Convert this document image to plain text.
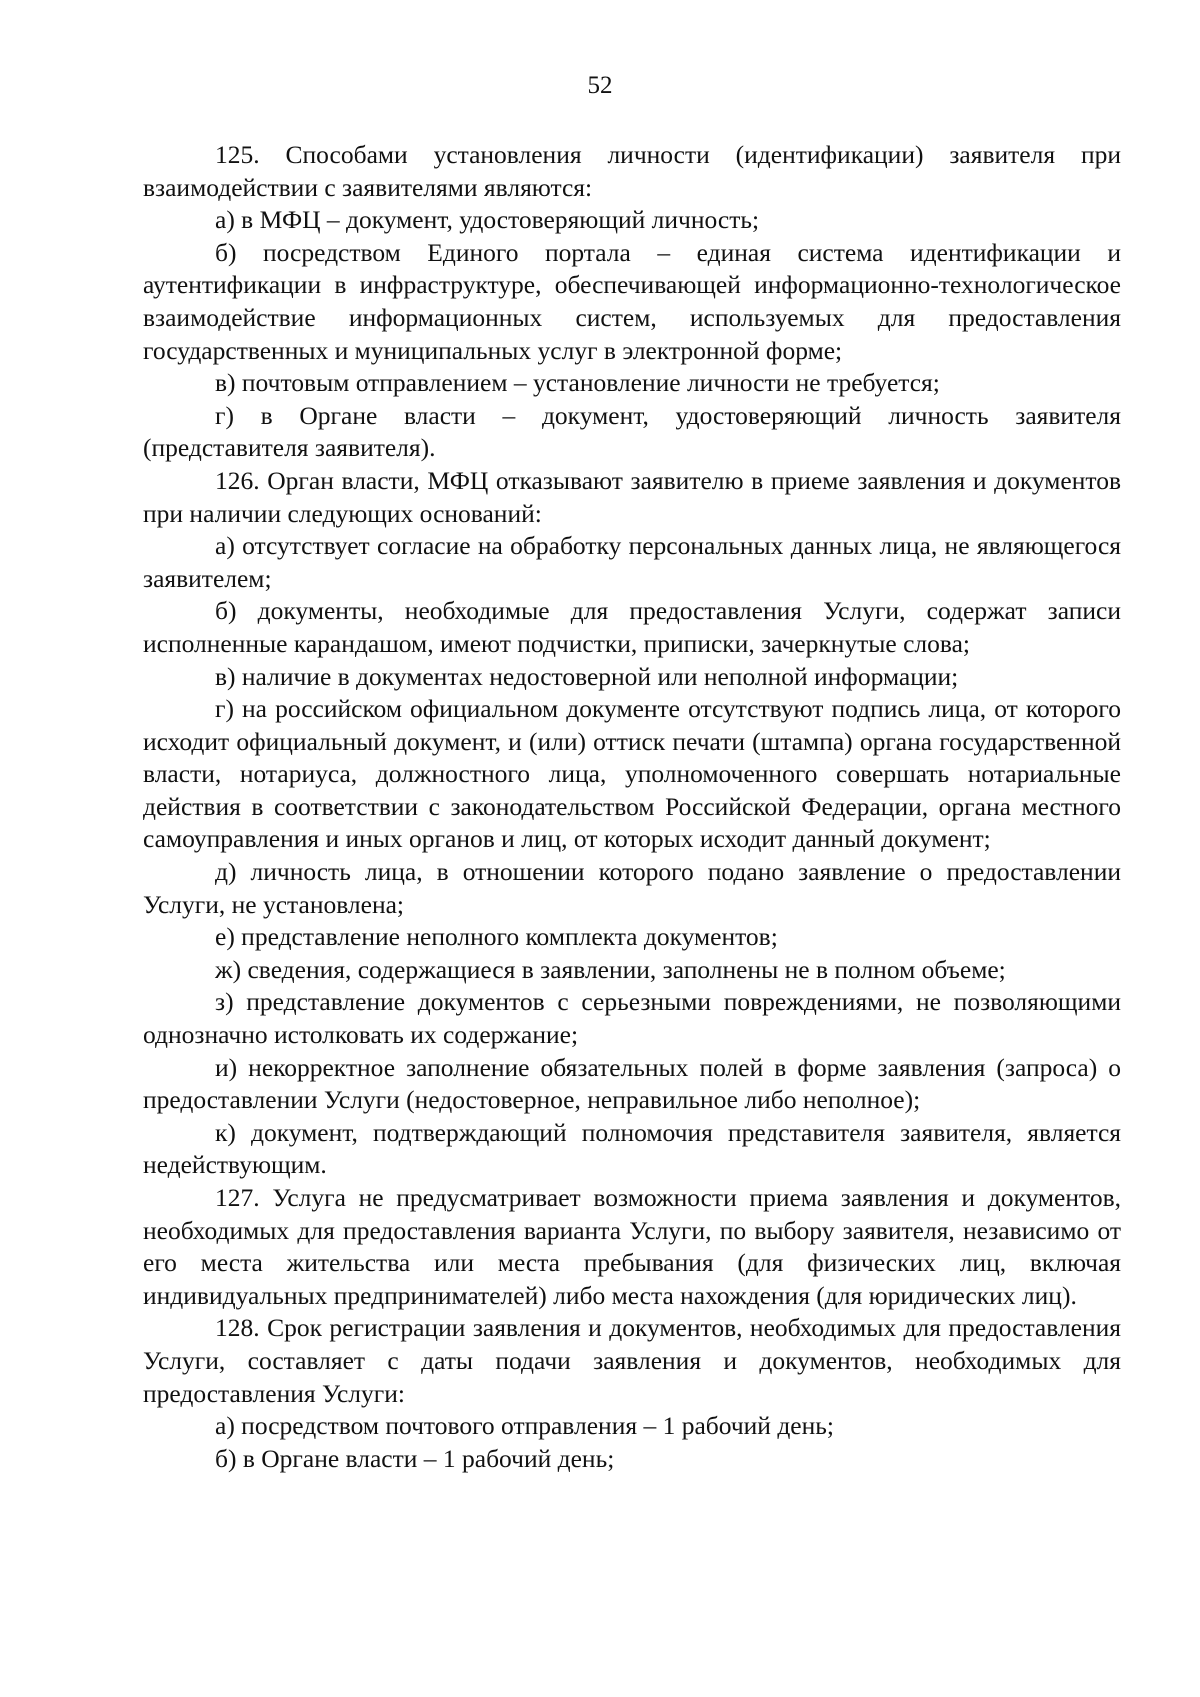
52

125. Способами установления личности (идентификации) заявителя при взаимодействии с заявителями являются:

а) в МФЦ – документ, удостоверяющий личность;

б) посредством Единого портала – единая система идентификации и аутентификации в инфраструктуре, обеспечивающей информационно-технологическое взаимодействие информационных систем, используемых для предоставления государственных и муниципальных услуг в электронной форме;

в) почтовым отправлением – установление личности не требуется;

г) в Органе власти – документ, удостоверяющий личность заявителя (представителя заявителя).

126. Орган власти, МФЦ отказывают заявителю в приеме заявления и документов при наличии следующих оснований:

а) отсутствует согласие на обработку персональных данных лица, не являющегося заявителем;

б) документы, необходимые для предоставления Услуги, содержат записи исполненные карандашом, имеют подчистки, приписки, зачеркнутые слова;

в) наличие в документах недостоверной или неполной информации;

г) на российском официальном документе отсутствуют подпись лица, от которого исходит официальный документ, и (или) оттиск печати (штампа) органа государственной власти, нотариуса, должностного лица, уполномоченного совершать нотариальные действия в соответствии с законодательством Российской Федерации, органа местного самоуправления и иных органов и лиц, от которых исходит данный документ;

д) личность лица, в отношении которого подано заявление о предоставлении Услуги, не установлена;

е) представление неполного комплекта документов;

ж) сведения, содержащиеся в заявлении, заполнены не в полном объеме;

з) представление документов с серьезными повреждениями, не позволяющими однозначно истолковать их содержание;

и) некорректное заполнение обязательных полей в форме заявления (запроса) о предоставлении Услуги (недостоверное, неправильное либо неполное);

к) документ, подтверждающий полномочия представителя заявителя, является недействующим.

127. Услуга не предусматривает возможности приема заявления и документов, необходимых для предоставления варианта Услуги, по выбору заявителя, независимо от его места жительства или места пребывания (для физических лиц, включая индивидуальных предпринимателей) либо места нахождения (для юридических лиц).

128. Срок регистрации заявления и документов, необходимых для предоставления Услуги, составляет с даты подачи заявления и документов, необходимых для предоставления Услуги:

а) посредством почтового отправления – 1 рабочий день;

б) в Органе власти – 1 рабочий день;
